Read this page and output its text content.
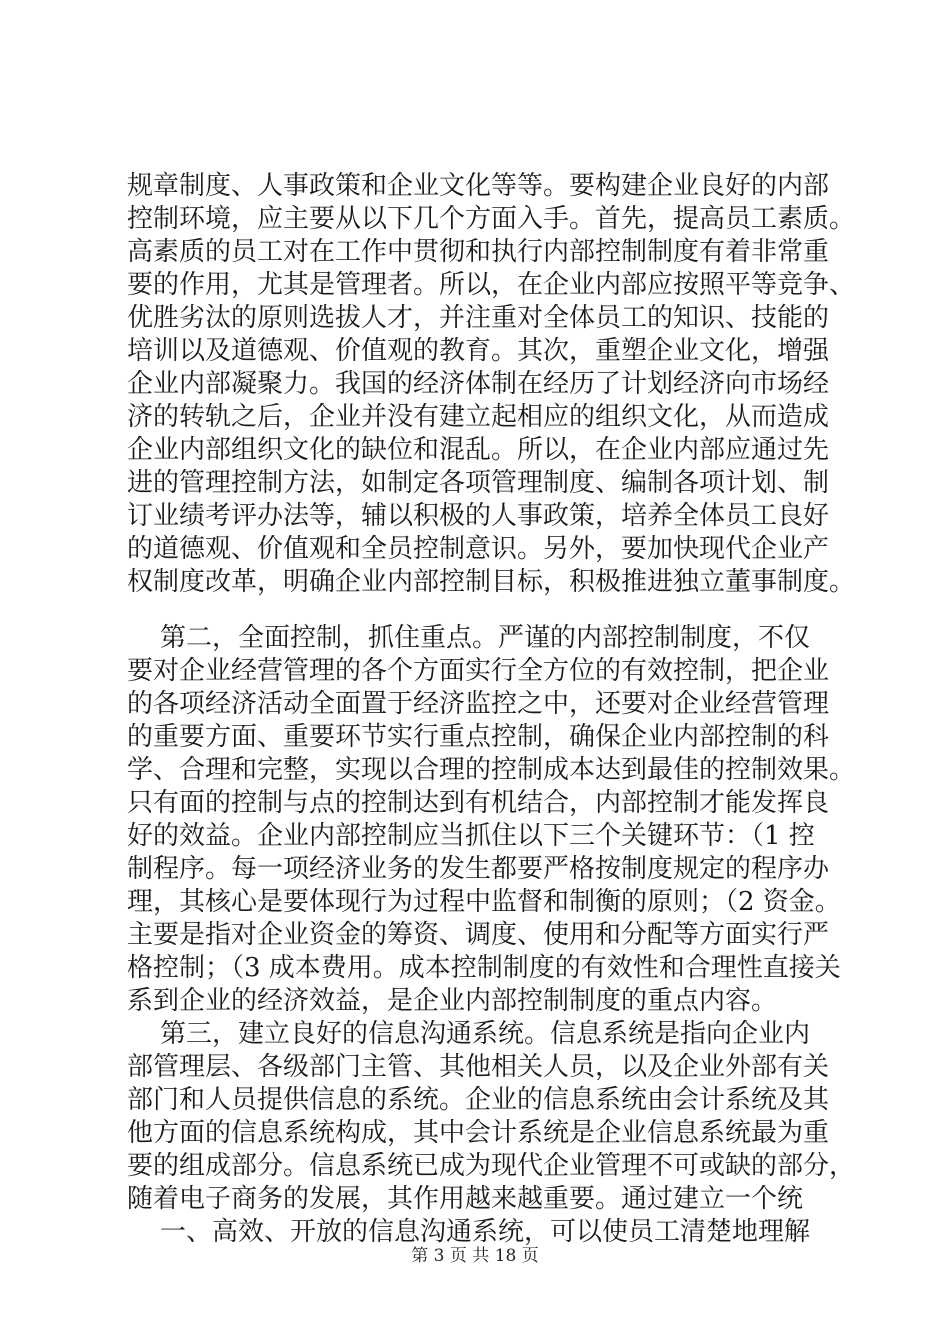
规章制度、人事政策和企业文化等等。要构建企业良好的内部
控制环境，应主要从以下几个方面入手。首先，提高员工素质。
高素质的员工对在工作中贯彻和执行内部控制制度有着非常重
要的作用，尤其是管理者。所以，在企业内部应按照平等竞争、
优胜劣汰的原则选拔人才，并注重对全体员工的知识、技能的
培训以及道德观、价值观的教育。其次，重塑企业文化，增强
企业内部凝聚力。我国的经济体制在经历了计划经济向市场经
济的转轨之后，企业并没有建立起相应的组织文化，从而造成
企业内部组织文化的缺位和混乱。所以，在企业内部应通过先
进的管理控制方法，如制定各项管理制度、编制各项计划、制
订业绩考评办法等，辅以积极的人事政策，培养全体员工良好
的道德观、价值观和全员控制意识。另外，要加快现代企业产
权制度改革，明确企业内部控制目标，积极推进独立董事制度。
第二，全面控制，抓住重点。严谨的内部控制制度，不仅
要对企业经营管理的各个方面实行全方位的有效控制，把企业
的各项经济活动全面置于经济监控之中，还要对企业经营管理
的重要方面、重要环节实行重点控制，确保企业内部控制的科
学、合理和完整，实现以合理的控制成本达到最佳的控制效果。
只有面的控制与点的控制达到有机结合，内部控制才能发挥良
好的效益。企业内部控制应当抓住以下三个关键环节：（1 控
制程序。每一项经济业务的发生都要严格按制度规定的程序办
理，其核心是要体现行为过程中监督和制衡的原则；（2 资金。
主要是指对企业资金的筹资、调度、使用和分配等方面实行严
格控制；（3 成本费用。成本控制制度的有效性和合理性直接关
系到企业的经济效益，是企业内部控制制度的重点内容。
第三，建立良好的信息沟通系统。信息系统是指向企业内
部管理层、各级部门主管、其他相关人员，以及企业外部有关
部门和人员提供信息的系统。企业的信息系统由会计系统及其
他方面的信息系统构成，其中会计系统是企业信息系统最为重
要的组成部分。信息系统已成为现代企业管理不可或缺的部分，
随着电子商务的发展，其作用越来越重要。通过建立一个统
一、高效、开放的信息沟通系统，可以使员工清楚地理解
第 3 页 共 18 页
